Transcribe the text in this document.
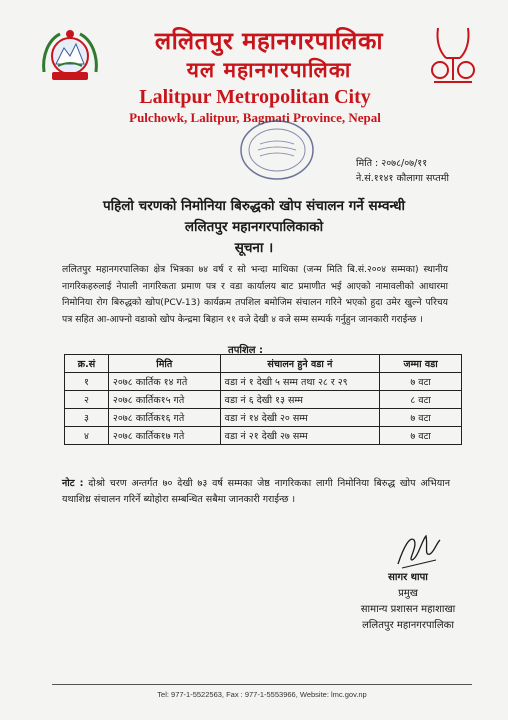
ललितपुर महानगरपालिका
यल महानगरपालिका
Lalitpur Metropolitan City
Pulchowk, Lalitpur, Bagmati Province, Nepal
मिति : २०७८/०७/११
ने.सं.११४१ कौलागा सप्तमी
पहिलो चरणको निमोनिया बिरुद्धको खोप संचालन गर्ने सम्वन्धी
ललितपुर महानगरपालिकाको
सूचना ।
ललितपुर महानगरपालिका क्षेत्र भित्रका ७४ वर्ष र सो भन्दा माथिका (जन्म मिति बि.सं.२००४ सम्मका) स्थानीय नागरिकहरुलाई नेपाली नागरिकता प्रमाण पत्र र वडा कार्यालय बाट प्रमाणीत भई आएको नामावलीको आधारमा निमोनिया रोग बिरुद्धको खोप(PCV-13) कार्यक्रम तपशिल बमोजिम संचालन गरिने भएको हुदा उमेर खुल्ने परिचय पत्र सहित आ-आफ्नो वडाको खोप केन्द्रमा बिहान ११ वजे देखी ४ वजे सम्म सम्पर्क गर्नुहुन जानकारी गराईन्छ ।
तपशिल :
क्र.सं	मिति	संचालन हुने वडा नं	जम्मा वडा
१	२०७८ कार्तिक १४ गते	वडा नं १ देखी ५ सम्म तथा २८ र २९	७ वटा
२	२०७८ कार्तिक१५ गते	वडा नं ६ देखी १३ सम्म	८ वटा
३	२०७८ कार्तिक१६ गते	वडा नं १४ देखी २० सम्म	७ वटा
४	२०७८ कार्तिक१७ गते	वडा नं २१ देखी २७ सम्म	७ वटा
नोट : दोश्रो चरण अन्तर्गत ७० देखी ७३ वर्ष सम्मका जेष्ठ नागरिकका लागी निमोनिया बिरुद्ध खोप अभियान यथाशिध्र संचालन गरिर्ने ब्योहोरा सम्बन्धित सबैमा जानकारी गराईन्छ ।
सागर थापा
प्रमुख
सामान्य प्रशासन महाशाखा
ललितपुर महानगरपालिका
Tel: 977-1-5522563, Fax : 977-1-5553966, Website: lmc.gov.np
